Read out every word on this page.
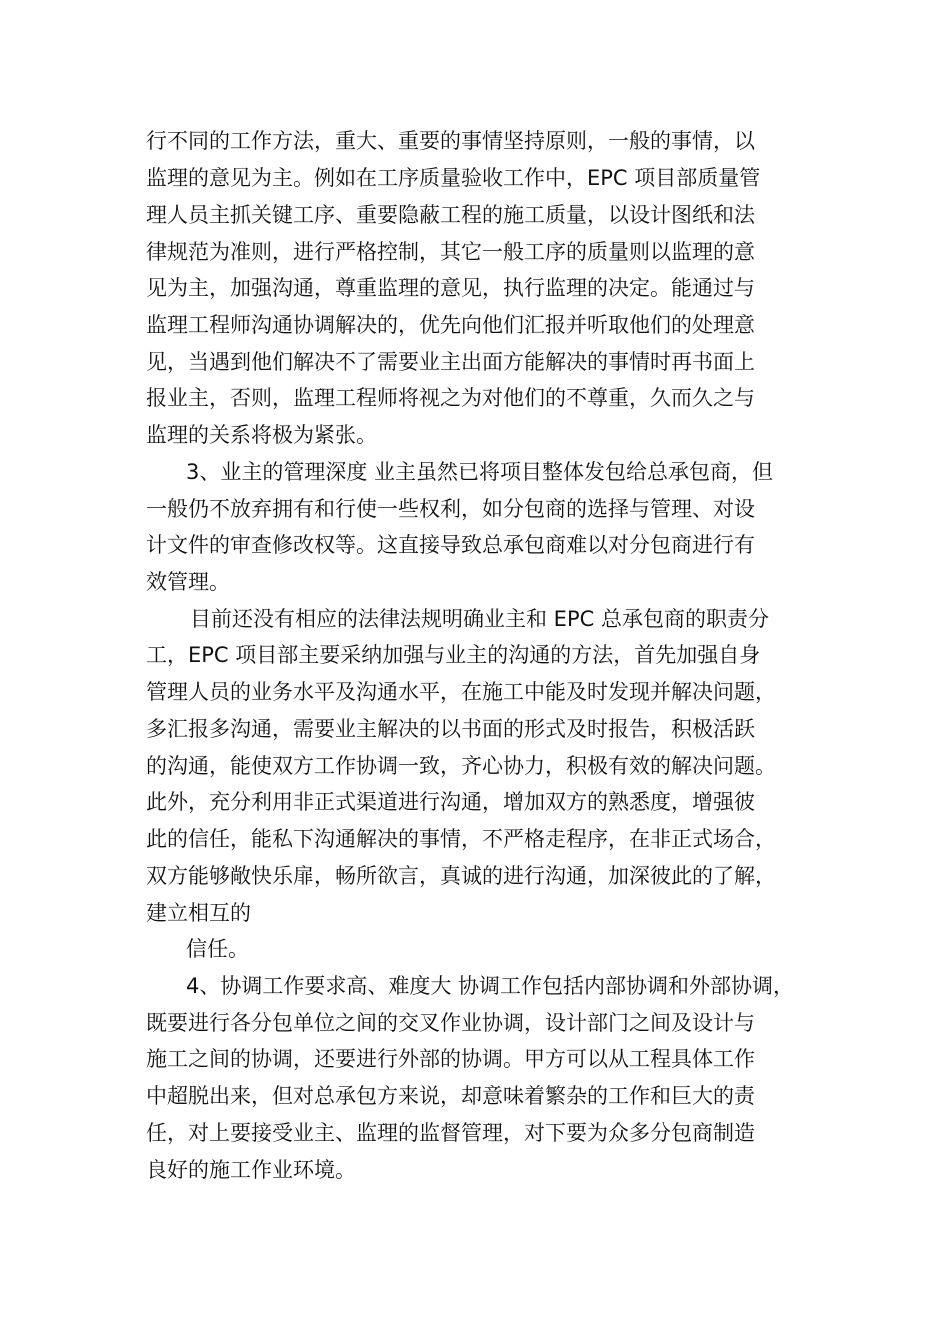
行不同的工作方法，重大、重要的事情坚持原则，一般的事情，以
监理的意见为主。例如在工序质量验收工作中，EPC 项目部质量管
理人员主抓关键工序、重要隐蔽工程的施工质量，以设计图纸和法
律规范为准则，进行严格控制，其它一般工序的质量则以监理的意
见为主，加强沟通，尊重监理的意见，执行监理的决定。能通过与
监理工程师沟通协调解决的，优先向他们汇报并听取他们的处理意
见，当遇到他们解决不了需要业主出面方能解决的事情时再书面上
报业主，否则，监理工程师将视之为对他们的不尊重，久而久之与
监理的关系将极为紧张。
3、业主的管理深度 业主虽然已将项目整体发包给总承包商，但
一般仍不放弃拥有和行使一些权利，如分包商的选择与管理、对设
计文件的审查修改权等。这直接导致总承包商难以对分包商进行有
效管理。
目前还没有相应的法律法规明确业主和 EPC 总承包商的职责分
工，EPC 项目部主要采纳加强与业主的沟通的方法，首先加强自身
管理人员的业务水平及沟通水平，在施工中能及时发现并解决问题，
多汇报多沟通，需要业主解决的以书面的形式及时报告，积极活跃
的沟通，能使双方工作协调一致，齐心协力，积极有效的解决问题。
此外，充分利用非正式渠道进行沟通，增加双方的熟悉度，增强彼
此的信任，能私下沟通解决的事情，不严格走程序，在非正式场合，
双方能够敞快乐扉，畅所欲言，真诚的进行沟通，加深彼此的了解，
建立相互的
信任。
4、协调工作要求高、难度大 协调工作包括内部协调和外部协调，
既要进行各分包单位之间的交叉作业协调，设计部门之间及设计与
施工之间的协调，还要进行外部的协调。甲方可以从工程具体工作
中超脱出来，但对总承包方来说，却意味着繁杂的工作和巨大的责
任，对上要接受业主、监理的监督管理，对下要为众多分包商制造
良好的施工作业环境。
